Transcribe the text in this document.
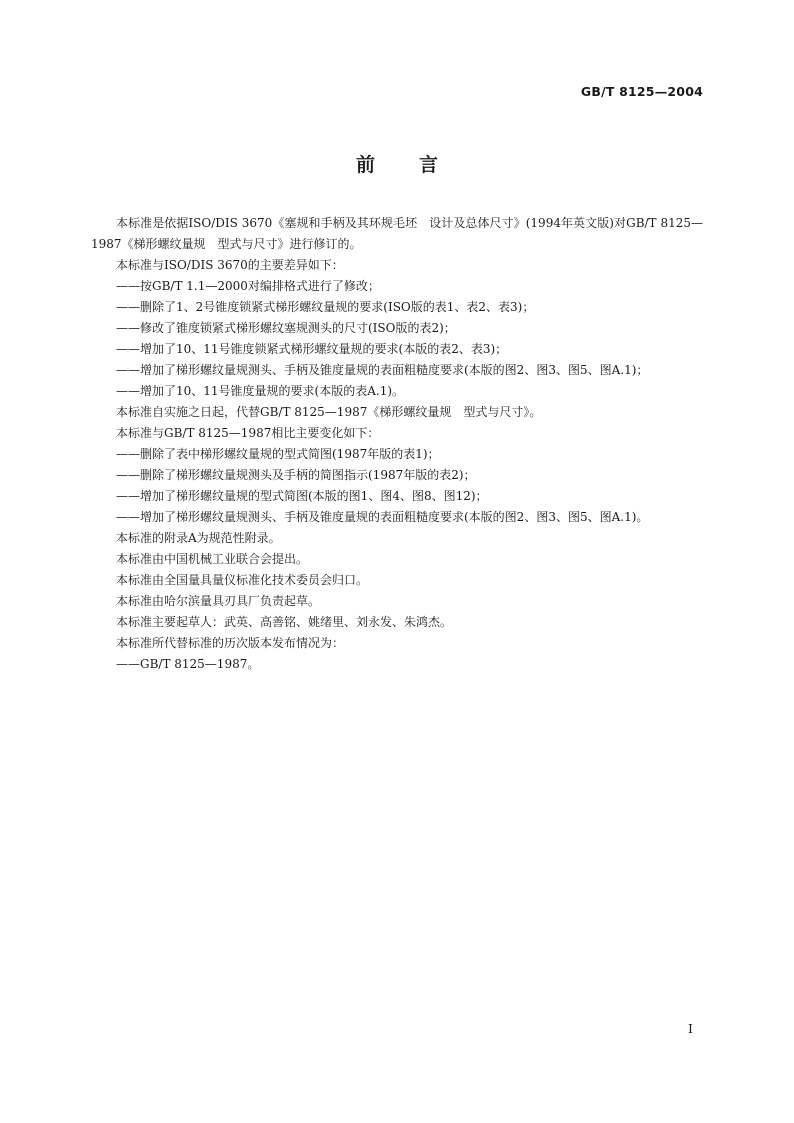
GB/T 8125—2004

前言

本标准是依据ISO/DIS 3670《塞规和手柄及其环规毛坯　设计及总体尺寸》(1994年英文版)对GB/T 8125—1987《梯形螺纹量规　型式与尺寸》进行修订的。

本标准与ISO/DIS 3670的主要差异如下：

——按GB/T 1.1—2000对编排格式进行了修改；

——删除了1、2号锥度锁紧式梯形螺纹量规的要求(ISO版的表1、表2、表3)；

——修改了锥度锁紧式梯形螺纹塞规测头的尺寸(ISO版的表2)；

——增加了10、11号锥度锁紧式梯形螺纹量规的要求(本版的表2、表3)；

——增加了梯形螺纹量规测头、手柄及锥度量规的表面粗糙度要求(本版的图2、图3、图5、图A.1)；

——增加了10、11号锥度量规的要求(本版的表A.1)。

本标准自实施之日起，代替GB/T 8125—1987《梯形螺纹量规　型式与尺寸》。

本标准与GB/T 8125—1987相比主要变化如下：

——删除了表中梯形螺纹量规的型式简图(1987年版的表1)；

——删除了梯形螺纹量规测头及手柄的简图指示(1987年版的表2)；

——增加了梯形螺纹量规的型式简图(本版的图1、图4、图8、图12)；

——增加了梯形螺纹量规测头、手柄及锥度量规的表面粗糙度要求(本版的图2、图3、图5、图A.1)。

本标准的附录A为规范性附录。

本标准由中国机械工业联合会提出。

本标准由全国量具量仪标准化技术委员会归口。

本标准由哈尔滨量具刃具厂负责起草。

本标准主要起草人：武英、高善铭、姚绪里、刘永发、朱鸿杰。

本标准所代替标准的历次版本发布情况为：

——GB/T 8125—1987。

I
